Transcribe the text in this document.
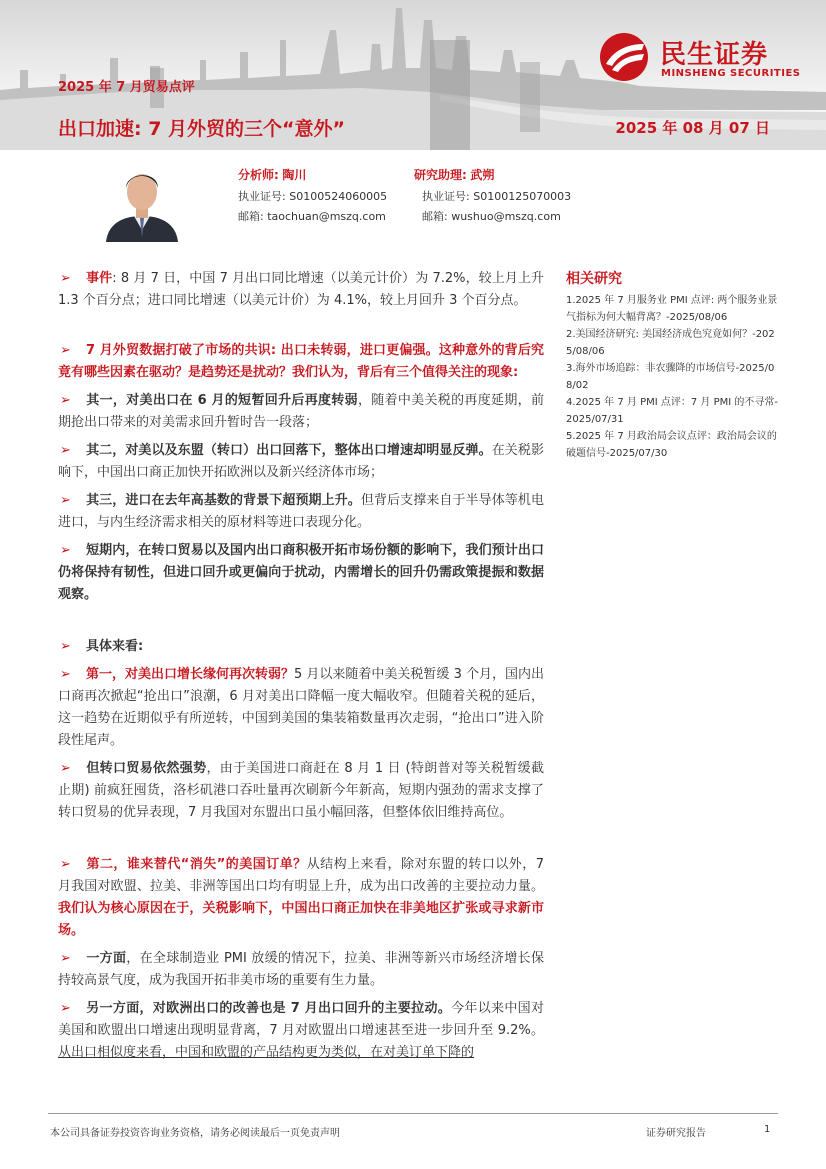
2025 年 7 月贸易点评
出口加速: 7 月外贸的三个“意外”	2025 年 08 月 07 日
民生证券
MINSHENG SECURITIES
分析师: 陶川
执业证号: S0100524060005
邮箱: taochuan@mszq.com
研究助理: 武朔
执业证号: S0100125070003
邮箱: wushuo@mszq.com

➢ 事件: 8 月 7 日，中国 7 月出口同比增速（以美元计价）为 7.2%，较上月上升 1.3 个百分点；进口同比增速（以美元计价）为 4.1%，较上月回升 3 个百分点。

➢ 7 月外贸数据打破了市场的共识: 出口未转弱，进口更偏强。这种意外的背后究竟有哪些因素在驱动？是趋势还是扰动？我们认为，背后有三个值得关注的现象:

➢ 其一，对美出口在 6 月的短暂回升后再度转弱，随着中美关税的再度延期，前期抢出口带来的对美需求回升暂时告一段落；

➢ 其二，对美以及东盟（转口）出口回落下，整体出口增速却明显反弹。在关税影响下，中国出口商正加快开拓欧洲以及新兴经济体市场；

➢ 其三，进口在去年高基数的背景下超预期上升。但背后支撑来自于半导体等机电进口，与内生经济需求相关的原材料等进口表现分化。

➢ 短期内，在转口贸易以及国内出口商积极开拓市场份额的影响下，我们预计出口仍将保持有韧性，但进口回升或更偏向于扰动，内需增长的回升仍需政策提振和数据观察。

➢ 具体来看:

➢ 第一，对美出口增长缘何再次转弱？5 月以来随着中美关税暂缓 3 个月，国内出口商再次掀起“抢出口”浪潮，6 月对美出口降幅一度大幅收窄。但随着关税的延后，这一趋势在近期似乎有所逆转，中国到美国的集装箱数量再次走弱，“抢出口”进入阶段性尾声。

➢ 但转口贸易依然强势，由于美国进口商赶在 8 月 1 日 (特朗普对等关税暂缓截止期) 前疯狂囤货，洛杉矶港口吞吐量再次刷新今年新高，短期内强劲的需求支撑了转口贸易的优异表现，7 月我国对东盟出口虽小幅回落，但整体依旧维持高位。

➢ 第二，谁来替代“消失”的美国订单？从结构上来看，除对东盟的转口以外，7 月我国对欧盟、拉美、非洲等国出口均有明显上升，成为出口改善的主要拉动力量。我们认为核心原因在于，关税影响下，中国出口商正加快在非美地区扩张或寻求新市场。

➢ 一方面，在全球制造业 PMI 放缓的情况下，拉美、非洲等新兴市场经济增长保持较高景气度，成为我国开拓非美市场的重要有生力量。

➢ 另一方面，对欧洲出口的改善也是 7 月出口回升的主要拉动。今年以来中国对美国和欧盟出口增速出现明显背离，7 月对欧盟出口增速甚至进一步回升至 9.2%。从出口相似度来看，中国和欧盟的产品结构更为类似，在对美订单下降的

相关研究

1.2025 年 7 月服务业 PMI 点评: 两个服务业景气指标为何大幅背离？-2025/08/06

2.美国经济研究: 美国经济成色究竟如何？-2025/08/06

3.海外市场追踪：非农骤降的市场信号-2025/08/02

4.2025 年 7 月 PMI 点评：7 月 PMI 的不寻常-2025/07/31

5.2025 年 7 月政治局会议点评：政治局会议的破题信号-2025/07/30

本公司具备证券投资咨询业务资格，请务必阅读最后一页免责声明	证券研究报告	1
